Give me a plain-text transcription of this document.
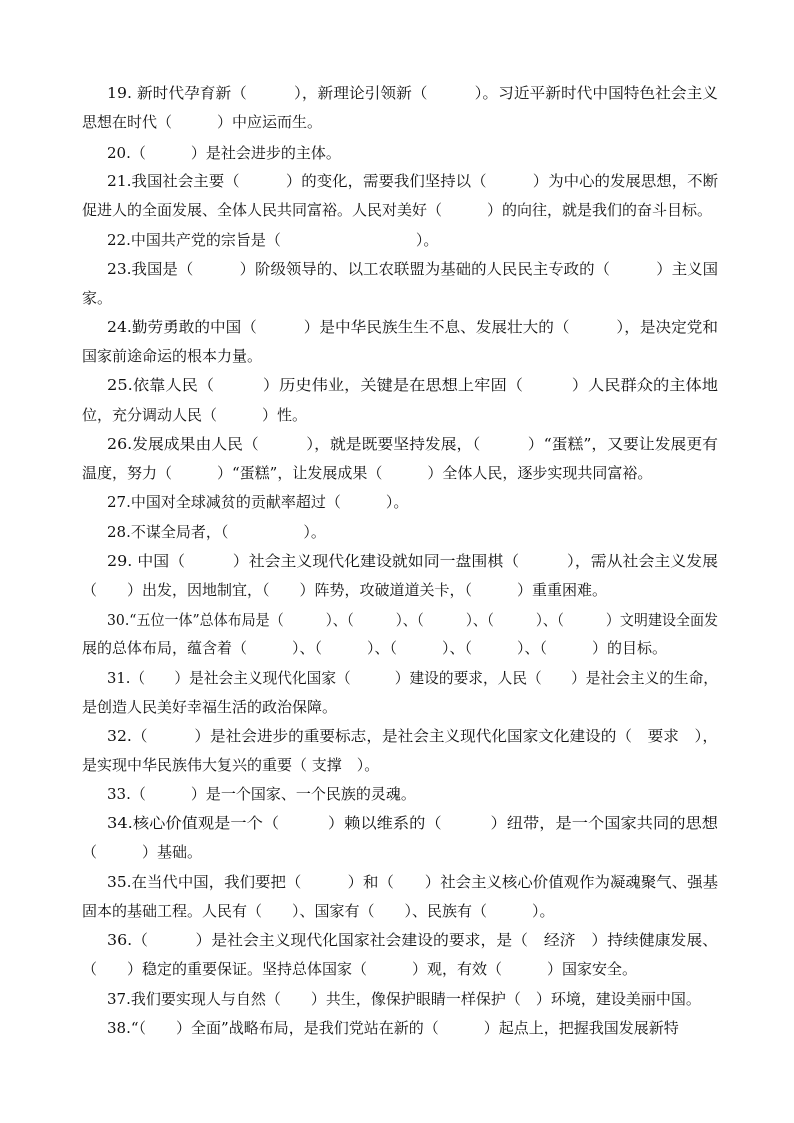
19. 新时代孕育新（　　　），新理论引领新（　　　）。习近平新时代中国特色社会主义
思想在时代（　　　）中应运而生。
20.（　　　）是社会进步的主体。
21.我国社会主要（　　　）的变化，需要我们坚持以（　　　）为中心的发展思想，不断
促进人的全面发展、全体人民共同富裕。人民对美好（　　　）的向往，就是我们的奋斗目标。
22.中国共产党的宗旨是（　　　　　　　　　）。
23.我国是（　　　）阶级领导的、以工农联盟为基础的人民民主专政的（　　　）主义国
家。
24.勤劳勇敢的中国（　　　）是中华民族生生不息、发展壮大的（　　　），是决定党和
国家前途命运的根本力量。
25.依靠人民（　　　）历史伟业，关键是在思想上牢固（　　　）人民群众的主体地
位，充分调动人民（　　　）性。
26.发展成果由人民（　　　），就是既要坚持发展，（　　　）“蛋糕”，又要让发展更有
温度，努力（　　　）“蛋糕”，让发展成果（　　　）全体人民，逐步实现共同富裕。
27.中国对全球减贫的贡献率超过（　　　）。
28.不谋全局者，（　　　　　）。
29. 中国（　　　）社会主义现代化建设就如同一盘围棋（　　　），需从社会主义发展
（　　）出发，因地制宜，（　　）阵势，攻破道道关卡，（　　　）重重困难。
30.“五位一体”总体布局是（　　　）、（　　　）、（　　　）、（　　　）、（　　　）文明建设全面发
展的总体布局，蕴含着（　　　）、（　　　）、（　　　）、（　　　）、（　　　）的目标。
31.（　　）是社会主义现代化国家（　　　）建设的要求，人民（　　）是社会主义的生命，
是创造人民美好幸福生活的政治保障。
32.（　　　）是社会进步的重要标志，是社会主义现代化国家文化建设的（　要求　），
是实现中华民族伟大复兴的重要（ 支撑　）。
33.（　　　）是一个国家、一个民族的灵魂。
34.核心价值观是一个（　　　）赖以维系的（　　　）纽带，是一个国家共同的思想
（　　　）基础。
35.在当代中国，我们要把（　　　）和（　　）社会主义核心价值观作为凝魂聚气、强基
固本的基础工程。人民有（　　）、国家有（　　）、民族有（　　　）。
36.（　　　）是社会主义现代化国家社会建设的要求，是（　经济　）持续健康发展、
（　　）稳定的重要保证。坚持总体国家（　　　）观，有效（　　　）国家安全。
37.我们要实现人与自然（　　）共生，像保护眼睛一样保护（　）环境，建设美丽中国。
38.“（　　）全面”战略布局，是我们党站在新的（　　　）起点上，把握我国发展新特
